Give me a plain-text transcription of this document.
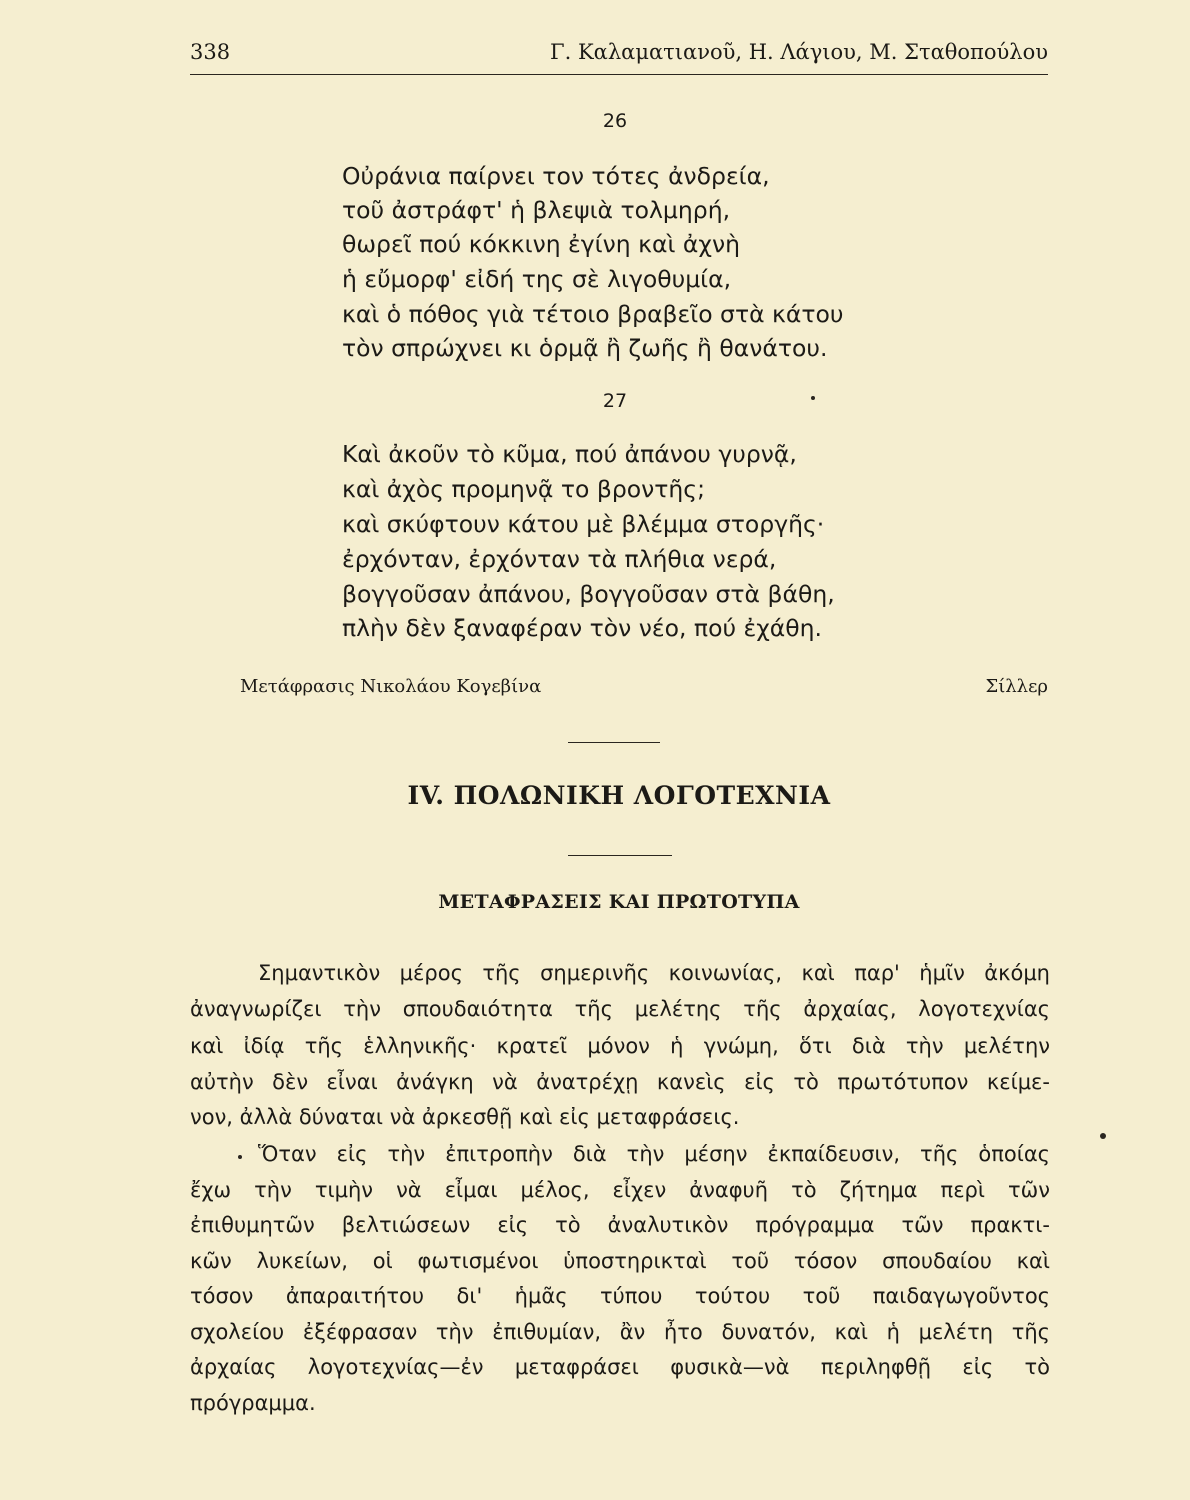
338	Γ. Καλαματιανοῦ, Η. Λάγιου, Μ. Σταθοπούλου
26
Οὐράνια παίρνει τον τότες ἀνδρεία,
τοῦ ἀστράφτ' ἡ βλεψιὰ τολμηρή,
θωρεῖ πού κόκκινη ἐγίνη καὶ ἀχνὴ
ἡ εὔμορφ' εἰδή της σὲ λιγοθυμία,
καὶ ὁ πόθος γιὰ τέτοιο βραβεῖο στὰ κάτου
τὸν σπρώχνει κι ὁρμᾷ ἢ ζωῆς ἢ θανάτου.
27
Καὶ ἀκοῦν τὸ κῦμα, πού ἀπάνου γυρνᾷ,
καὶ ἀχὸς προμηνᾷ το βροντῆς;
καὶ σκύφτουν κάτου μὲ βλέμμα στοργῆς·
ἐρχόνταν, ἐρχόνταν τὰ πλήθια νερά,
βογγοῦσαν ἀπάνου, βογγοῦσαν στὰ βάθη,
πλὴν δὲν ξαναφέραν τὸν νέο, πού ἐχάθη.
Μετάφρασις Νικολάου Κογεβίνα	Σίλλερ
IV. ΠΟΛΩΝΙΚΗ ΛΟΓΟΤΕΧΝΙΑ
ΜΕΤΑΦΡΑΣΕΙΣ ΚΑΙ ΠΡΩΤΟΤΥΠΑ
Σημαντικὸν μέρος τῆς σημερινῆς κοινωνίας, καὶ παρ' ἡμῖν ἀκόμη
ἀναγνωρίζει τὴν σπουδαιότητα τῆς μελέτης τῆς ἀρχαίας, λογοτεχνίας
καὶ ἰδίᾳ τῆς ἑλληνικῆς· κρατεῖ μόνον ἡ γνώμη, ὅτι διὰ τὴν μελέτην
αὐτὴν δὲν εἶναι ἀνάγκη νὰ ἀνατρέχῃ κανεὶς εἰς τὸ πρωτότυπον κείμε-
νον, ἀλλὰ δύναται νὰ ἀρκεσθῇ καὶ εἰς μεταφράσεις.
Ὅταν εἰς τὴν ἐπιτροπὴν διὰ τὴν μέσην ἐκπαίδευσιν, τῆς ὁποίας
ἔχω τὴν τιμὴν νὰ εἶμαι μέλος, εἶχεν ἀναφυῆ τὸ ζήτημα περὶ τῶν
ἐπιθυμητῶν βελτιώσεων εἰς τὸ ἀναλυτικὸν πρόγραμμα τῶν πρακτι-
κῶν λυκείων, οἱ φωτισμένοι ὑποστηρικταὶ τοῦ τόσον σπουδαίου καὶ
τόσον ἀπαραιτήτου δι' ἡμᾶς τύπου τούτου τοῦ παιδαγωγοῦντος
σχολείου ἐξέφρασαν τὴν ἐπιθυμίαν, ἂν ἦτο δυνατόν, καὶ ἡ μελέτη τῆς
ἀρχαίας λογοτεχνίας—ἐν μεταφράσει φυσικὰ—νὰ περιληφθῇ εἰς τὸ
πρόγραμμα.
